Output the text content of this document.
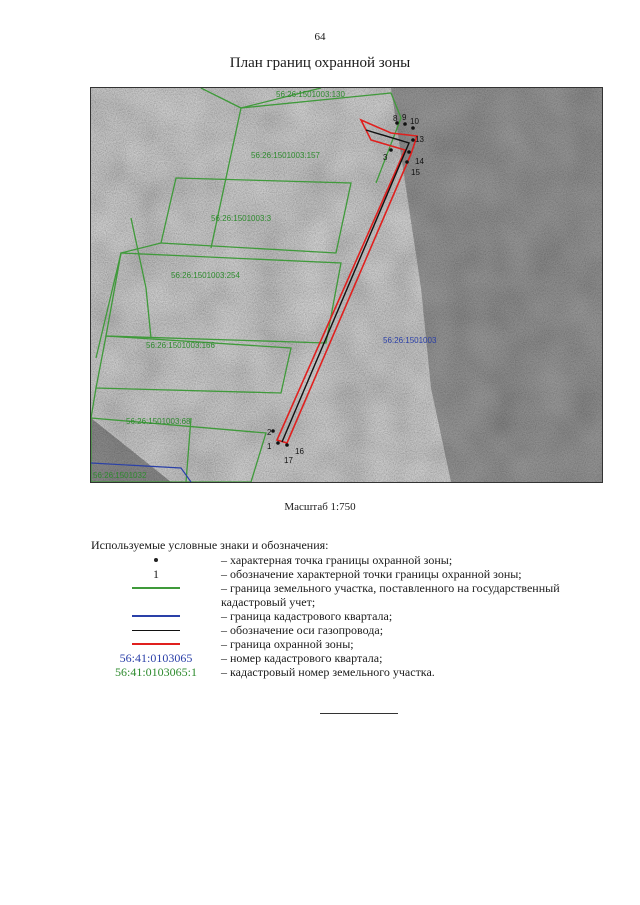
64
План границ охранной зоны
56:26:1501003:130
56:26:1501003:157
56:26:1501003:3
56:26:1501003:254
56:26:1501003:166
56:26:1501003:68
56:26:1501032
56:26:1501003
1
2
3
8 9 10
13
14
15
16
17
Масштаб 1:750
Используемые условные знаки и обозначения:
– характерная точка границы охранной зоны;
1	– обозначение характерной точки границы охранной зоны;
– граница земельного участка, поставленного на государственный кадастровый учет;
– граница кадастрового квартала;
– обозначение оси газопровода;
– граница охранной зоны;
56:41:0103065 – номер кадастрового квартала;
56:41:0103065:1 – кадастровый номер земельного участка.
